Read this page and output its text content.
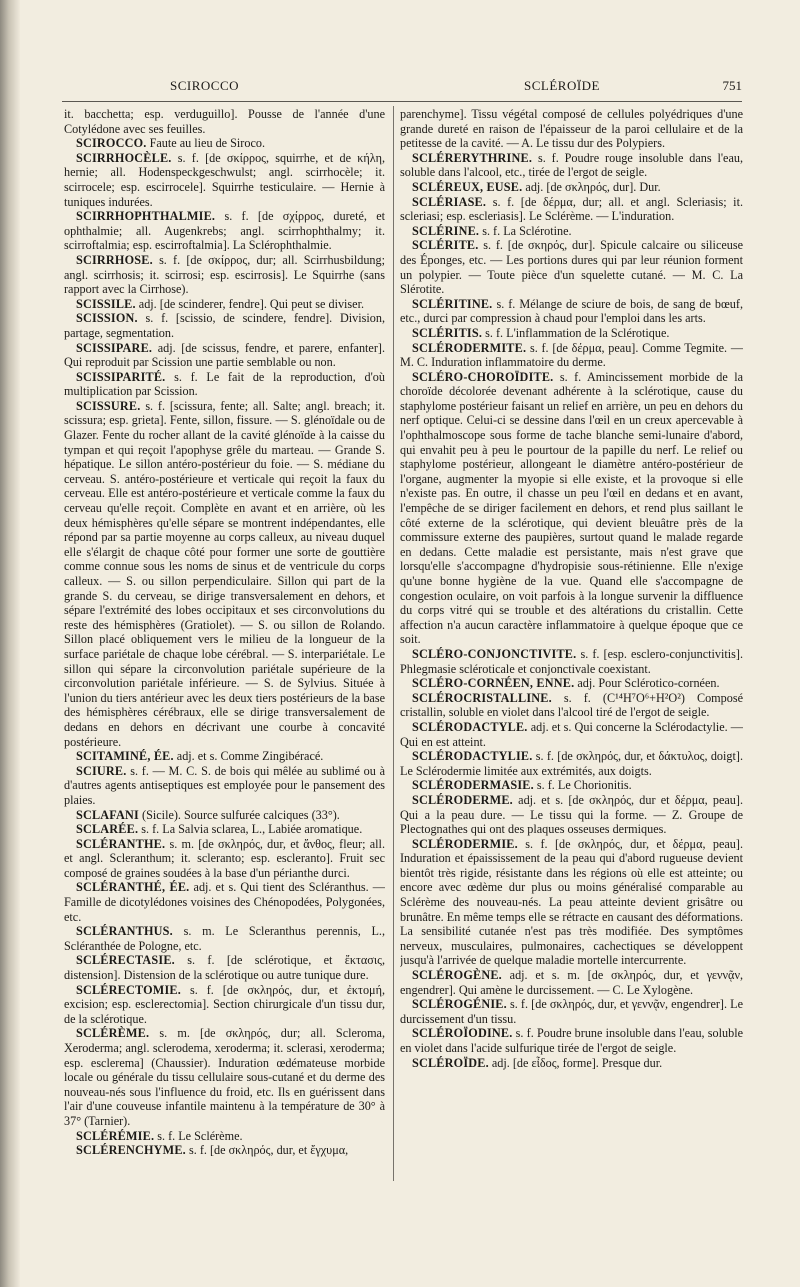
SCIROCCO	SCLÉROÏDE	751

it. bacchetta; esp. verduguillo]. Pousse de l'année d'une Cotylédone avec ses feuilles.

SCIROCCO. Faute au lieu de Siroco.

SCIRRHOCÈLE. s. f. [de σκίρρος, squirrhe, et de κήλη, hernie; all. Hodenspeckgeschwulst; angl. scirrhocèle; it. scirrocele; esp. escirrocele]. Squirrhe testiculaire. — Hernie à tuniques indurées.

SCIRRHOPHTHALMIE. s. f. [de σχίρρος, dureté, et ophthalmie; all. Augenkrebs; angl. scirrhophthalmy; it. scirroftalmia; esp. escirroftalmia]. La Sclérophthalmie.

SCIRRHOSE. s. f. [de σκίρρος, dur; all. Scirrhusbildung; angl. scirrhosis; it. scirrosi; esp. escirrosis]. Le Squirrhe (sans rapport avec la Cirrhose).

SCISSILE. adj. [de scinderer, fendre]. Qui peut se diviser.

SCISSION. s. f. [scissio, de scindere, fendre]. Division, partage, segmentation.

SCISSIPARE. adj. [de scissus, fendre, et parere, enfanter]. Qui reproduit par Scission une partie semblable ou non.

SCISSIPARITÉ. s. f. Le fait de la reproduction, d'où multiplication par Scission.

SCISSURE. s. f. [scissura, fente; all. Salte; angl. breach; it. scissura; esp. grieta]. Fente, sillon, fissure. — S. glénoïdale ou de Glazer. Fente du rocher allant de la cavité glénoïde à la caisse du tympan et qui reçoit l'apophyse grêle du marteau. — Grande S. hépatique. Le sillon antéro-postérieur du foie. — S. médiane du cerveau. S. antéro-postérieure et verticale qui reçoit la faux du cerveau. Elle est antéro-postérieure et verticale comme la faux du cerveau qu'elle reçoit. Complète en avant et en arrière, où les deux hémisphères qu'elle sépare se montrent indépendantes, elle répond par sa partie moyenne au corps calleux, au niveau duquel elle s'élargit de chaque côté pour former une sorte de gouttière comme connue sous les noms de sinus et de ventricule du corps calleux. — S. ou sillon perpendiculaire. Sillon qui part de la grande S. du cerveau, se dirige transversalement en dehors, et sépare l'extrémité des lobes occipitaux et ses circonvolutions du reste des hémisphères (Gratiolet). — S. ou sillon de Rolando. Sillon placé obliquement vers le milieu de la longueur de la surface pariétale de chaque lobe cérébral. — S. interpariétale. Le sillon qui sépare la circonvolution pariétale supérieure de la circonvolution pariétale inférieure. — S. de Sylvius. Située à l'union du tiers antérieur avec les deux tiers postérieurs de la base des hémisphères cérébraux, elle se dirige transversalement de dedans en dehors en décrivant une courbe à concavité postérieure.

SCITAMINÉ, ÉE. adj. et s. Comme Zingibéracé.

SCIURE. s. f. — M. C. S. de bois qui mêlée au sublimé ou à d'autres agents antiseptiques est employée pour le pansement des plaies.

SCLAFANI (Sicile). Source sulfurée calciques (33°).

SCLARÉE. s. f. La Salvia sclarea, L., Labiée aromatique.

SCLÉRANTHE. s. m. [de σκληρός, dur, et ἄνθος, fleur; all. et angl. Scleranthum; it. scleranto; esp. escleranto]. Fruit sec composé de graines soudées à la base d'un périanthe durci.

SCLÉRANTHÉ, ÉE. adj. et s. Qui tient des Scléranthus. — Famille de dicotylédones voisines des Chénopodées, Polygonées, etc.

SCLÉRANTHUS. s. m. Le Scleranthus perennis, L., Scléranthée de Pologne, etc.

SCLÉRECTASIE. s. f. [de sclérotique, et ἔκτασις, distension]. Distension de la sclérotique ou autre tunique dure.

SCLÉRECTOMIE. s. f. [de σκληρός, dur, et ἐκτομή, excision; esp. esclerectomia]. Section chirurgicale d'un tissu dur, de la sclérotique.

SCLÉRÈME. s. m. [de σκληρός, dur; all. Scleroma, Xeroderma; angl. sclerodema, xeroderma; it. sclerasi, xeroderma; esp. esclerema] (Chaussier). Induration œdémateuse morbide locale ou générale du tissu cellulaire sous-cutané et du derme des nouveau-nés sous l'influence du froid, etc. Ils en guérissent dans l'air d'une couveuse infantile maintenu à la température de 30° à 37° (Tarnier).

SCLÉRÉMIE. s. f. Le Sclérème.

SCLÉRENCHYME. s. f. [de σκληρός, dur, et ἔγχυμα,

parenchyme]. Tissu végétal composé de cellules polyédriques d'une grande dureté en raison de l'épaisseur de la paroi cellulaire et de la petitesse de la cavité. — A. Le tissu dur des Polypiers.

SCLÉRERYTHRINE. s. f. Poudre rouge insoluble dans l'eau, soluble dans l'alcool, etc., tirée de l'ergot de seigle.

SCLÉREUX, EUSE. adj. [de σκληρός, dur]. Dur.

SCLÉRIASE. s. f. [de δέρμα, dur; all. et angl. Scleriasis; it. scleriasi; esp. escleriasis]. Le Sclérème. — L'induration.

SCLÉRINE. s. f. La Sclérotine.

SCLÉRITE. s. f. [de σκηρός, dur]. Spicule calcaire ou siliceuse des Éponges, etc. — Les portions dures qui par leur réunion forment un polypier. — Toute pièce d'un squelette cutané. — M. C. La Slérotite.

SCLÉRITINE. s. f. Mélange de sciure de bois, de sang de bœuf, etc., durci par compression à chaud pour l'emploi dans les arts.

SCLÉRITIS. s. f. L'inflammation de la Sclérotique.

SCLÉRODERMITE. s. f. [de δέρμα, peau]. Comme Tegmite. — M. C. Induration inflammatoire du derme.

SCLÉRO-CHOROÏDITE. s. f. Amincissement morbide de la choroïde décolorée devenant adhérente à la sclérotique, cause du staphylome postérieur faisant un relief en arrière, un peu en dehors du nerf optique. Celui-ci se dessine dans l'œil en un creux apercevable à l'ophthalmoscope sous forme de tache blanche semi-lunaire d'abord, qui envahit peu à peu le pourtour de la papille du nerf. Le relief ou staphylome postérieur, allongeant le diamètre antéro-postérieur de l'organe, augmenter la myopie si elle existe, et la provoque si elle n'existe pas. En outre, il chasse un peu l'œil en dedans et en avant, l'empêche de se diriger facilement en dehors, et rend plus saillant le côté externe de la sclérotique, qui devient bleuâtre près de la commissure externe des paupières, surtout quand le malade regarde en dedans. Cette maladie est persistante, mais n'est grave que lorsqu'elle s'accompagne d'hydropisie sous-rétinienne. Elle n'exige qu'une bonne hygiène de la vue. Quand elle s'accompagne de congestion oculaire, on voit parfois à la longue survenir la diffluence du corps vitré qui se trouble et des altérations du cristallin. Cette affection n'a aucun caractère inflammatoire à quelque époque que ce soit.

SCLÉRO-CONJONCTIVITE. s. f. [esp. esclero-conjunctivitis]. Phlegmasie scléroticale et conjonctivale coexistant.

SCLÉRO-CORNÉEN, ENNE. adj. Pour Sclérotico-cornéen.

SCLÉROCRISTALLINE. s. f. (C¹⁴H⁷O⁶+H²O²) Composé cristallin, soluble en violet dans l'alcool tiré de l'ergot de seigle.

SCLÉRODACTYLE. adj. et s. Qui concerne la Sclérodactylie. — Qui en est atteint.

SCLÉRODACTYLIE. s. f. [de σκληρός, dur, et δάκτυλος, doigt]. Le Sclérodermie limitée aux extrémités, aux doigts.

SCLÉRODERMASIE. s. f. Le Chorionitis.

SCLÉRODERME. adj. et s. [de σκληρός, dur et δέρμα, peau]. Qui a la peau dure. — Le tissu qui la forme. — Z. Groupe de Plectognathes qui ont des plaques osseuses dermiques.

SCLÉRODERMIE. s. f. [de σκληρός, dur, et δέρμα, peau]. Induration et épaississement de la peau qui d'abord rugueuse devient bientôt très rigide, résistante dans les régions où elle est atteinte; ou encore avec œdème dur plus ou moins généralisé comparable au Sclérème des nouveau-nés. La peau atteinte devient grisâtre ou brunâtre. En même temps elle se rétracte en causant des déformations. La sensibilité cutanée n'est pas très modifiée. Des symptômes nerveux, musculaires, pulmonaires, cachectiques se développent jusqu'à l'arrivée de quelque maladie mortelle intercurrente.

SCLÉROGÈNE. adj. et s. m. [de σκληρός, dur, et γεννᾷν, engendrer]. Qui amène le durcissement. — C. Le Xylogène.

SCLÉROGÉNIE. s. f. [de σκληρός, dur, et γεννᾷν, engendrer]. Le durcissement d'un tissu.

SCLÉROÏODINE. s. f. Poudre brune insoluble dans l'eau, soluble en violet dans l'acide sulfurique tirée de l'ergot de seigle.

SCLÉROÏDE. adj. [de εἶδος, forme]. Presque dur.
